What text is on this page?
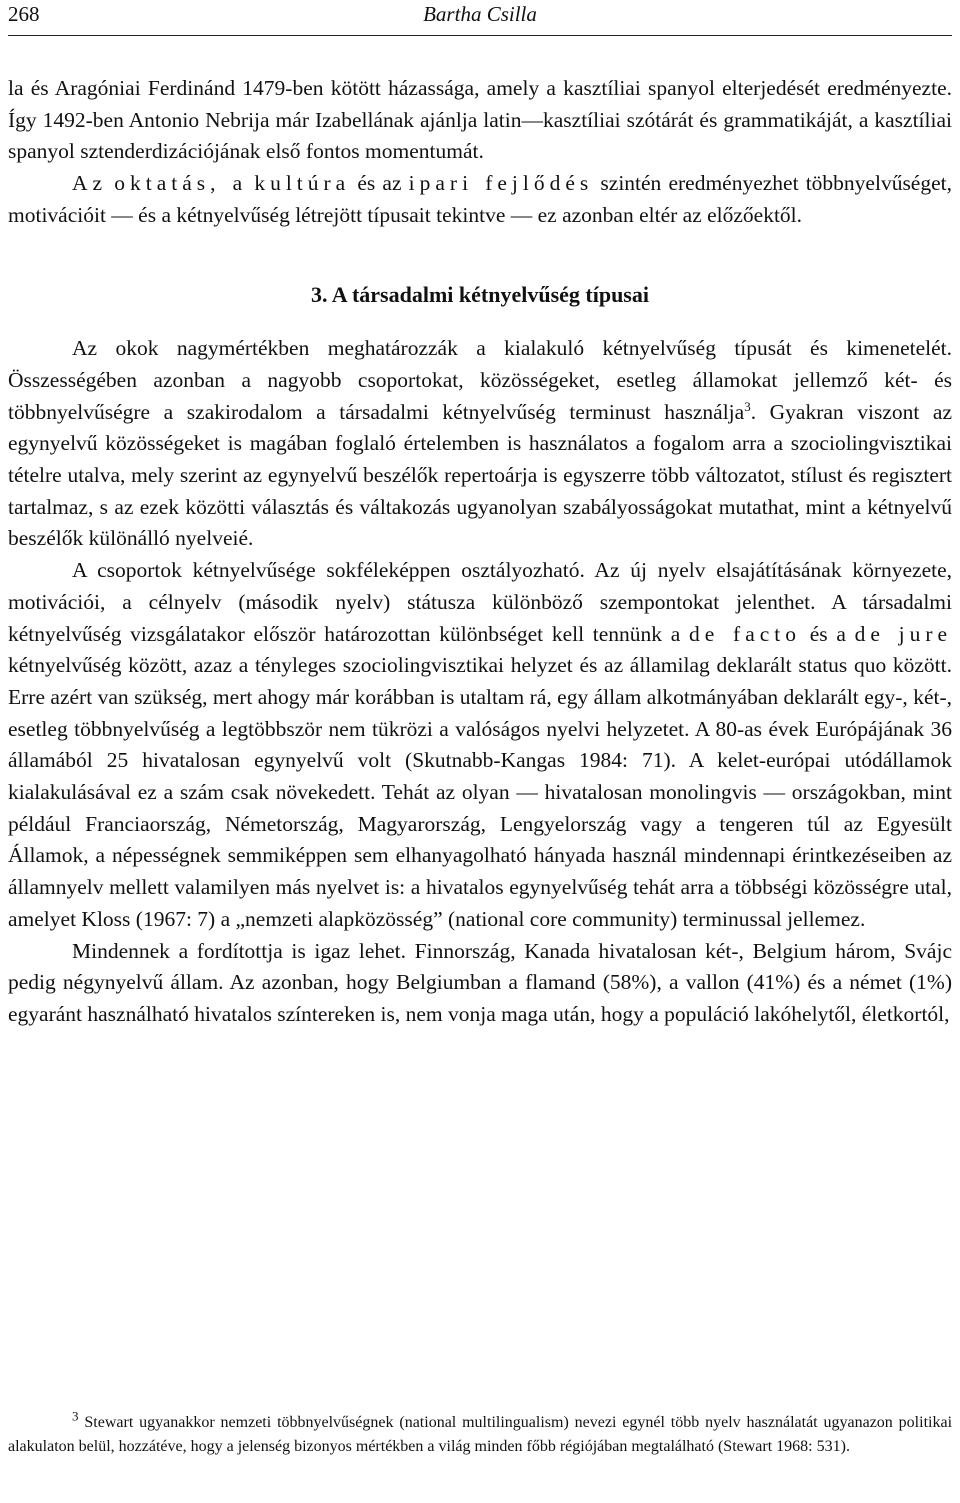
268	Bartha Csilla

la és Aragóniai Ferdinánd 1479-ben kötött házassága, amely a kasztíliai spanyol elterjedését eredményezte. Így 1492-ben Antonio Nebrija már Izabellának ajánlja latin—kasztíliai szótárát és grammatikáját, a kasztíliai spanyol sztenderdizációjának első fontos momentumát.

Az oktatás, a kultúra és az ipari fejlődés szintén eredményezhet többnyelvűséget, motivációit — és a kétnyelvűség létrejött típusait tekintve — ez azonban eltér az előzőektől.

3. A társadalmi kétnyelvűség típusai

Az okok nagymértékben meghatározzák a kialakuló kétnyelvűség típusát és kimenetelét. Összességében azonban a nagyobb csoportokat, közösségeket, esetleg államokat jellemző két- és többnyelvűségre a szakirodalom a társadalmi kétnyelvűség terminust használja$^3$. Gyakran viszont az egynyelvű közösségeket is magában foglaló értelemben is használatos a fogalom arra a szociolingvisztikai tételre utalva, mely szerint az egynyelvű beszélők repertoárja is egyszerre több változatot, stílust és regisztert tartalmaz, s az ezek közötti választás és váltakozás ugyanolyan szabályosságokat mutathat, mint a kétnyelvű beszélők különálló nyelveié.

A csoportok kétnyelvűsége sokféleképpen osztályozható. Az új nyelv elsajátításának környezete, motivációi, a célnyelv (második nyelv) státusza különböző szempontokat jelenthet. A társadalmi kétnyelvűség vizsgálatakor először határozottan különbséget kell tennünk a de facto és a de jure kétnyelvűség között, azaz a tényleges szociolingvisztikai helyzet és az államilag deklarált status quo között. Erre azért van szükség, mert ahogy már korábban is utaltam rá, egy állam alkotmányában deklarált egy-, két-, esetleg többnyelvűség a legtöbbször nem tükrözi a valóságos nyelvi helyzetet. A 80-as évek Európájának 36 államából 25 hivatalosan egynyelvű volt (Skutnabb-Kangas 1984: 71). A kelet-európai utódállamok kialakulásával ez a szám csak növekedett. Tehát az olyan — hivatalosan monolingvis — országokban, mint például Franciaország, Németország, Magyarország, Lengyelország vagy a tengeren túl az Egyesült Államok, a népességnek semmiképpen sem elhanyagolható hányada használ mindennapi érintkezéseiben az államnyelv mellett valamilyen más nyelvet is: a hivatalos egynyelvűség tehát arra a többségi közösségre utal, amelyet Kloss (1967: 7) a „nemzeti alapközösség” (national core community) terminussal jellemez.

Mindennek a fordítottja is igaz lehet. Finnország, Kanada hivatalosan két-, Belgium három, Svájc pedig négynyelvű állam. Az azonban, hogy Belgiumban a flamand (58%), a vallon (41%) és a német (1%) egyaránt használható hivatalos színtereken is, nem vonja maga után, hogy a populáció lakóhelytől, életkortól,

$^3$ Stewart ugyanakkor nemzeti többnyelvűségnek (national multilingualism) nevezi egynél több nyelv használatát ugyanazon politikai alakulaton belül, hozzátéve, hogy a jelenség bizonyos mértékben a világ minden főbb régiójában megtalálható (Stewart 1968: 531).
